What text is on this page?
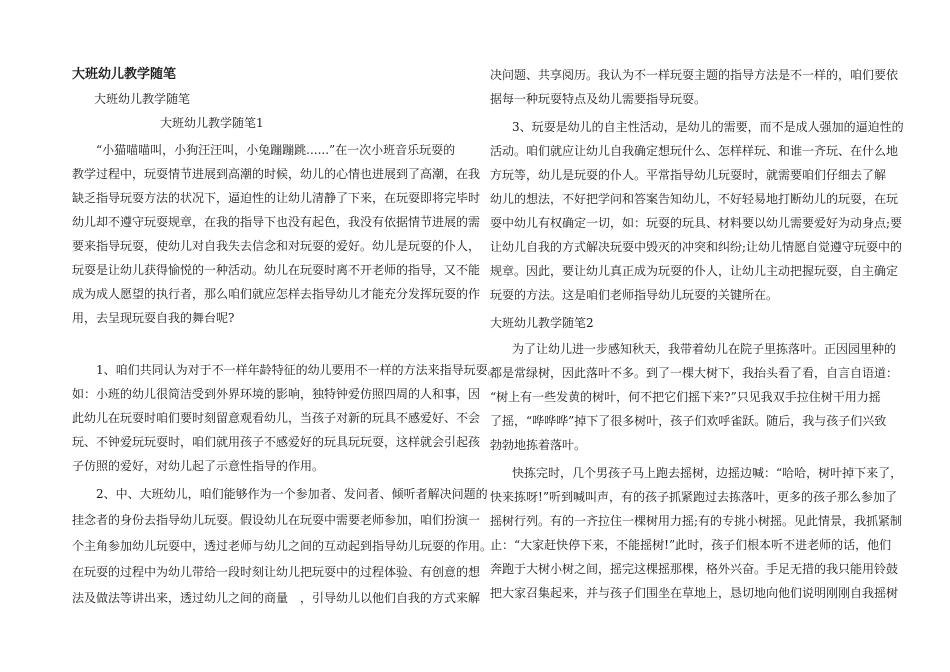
大班幼儿教学随笔
大班幼儿教学随笔
大班幼儿教学随笔1
“小猫喵喵叫，小狗汪汪叫，小兔蹦蹦跳......”在一次小班音乐玩耍的
教学过程中，玩耍情节进展到高潮的时候，幼儿的心情也进展到了高潮，在我
缺乏指导玩耍方法的状况下，逼迫性的让幼儿清静了下来，在玩耍即将完毕时
幼儿却不遵守玩耍规章，在我的指导下也没有起色，我没有依据情节进展的需
要来指导玩耍，使幼儿对自我失去信念和对玩耍的爱好。幼儿是玩耍的仆人，
玩耍是让幼儿获得愉悦的一种活动。幼儿在玩耍时离不开老师的指导，又不能
成为成人愿望的执行者，那么咱们就应怎样去指导幼儿才能充分发挥玩耍的作
用，去呈现玩耍自我的舞台呢?
1、咱们共同认为对于不一样年龄特征的幼儿要用不一样的方法来指导玩耍。
如：小班的幼儿很简洁受到外界环境的影响，独特钟爱仿照四周的人和事，因
此幼儿在玩耍时咱们要时刻留意观看幼儿，当孩子对新的玩具不感爱好、不会
玩、不钟爱玩玩耍时，咱们就用孩子不感爱好的玩具玩玩耍，这样就会引起孩
子仿照的爱好，对幼儿起了示意性指导的作用。
2、中、大班幼儿，咱们能够作为一个参加者、发问者、倾听者解决问题的
挂念者的身份去指导幼儿玩耍。假设幼儿在玩耍中需要老师参加，咱们扮演一
个主角参加幼儿玩耍中，透过老师与幼儿之间的互动起到指导幼儿玩耍的作用。
在玩耍的过程中为幼儿带给一段时刻让幼儿把玩耍中的过程体验、有创意的想
法及做法等讲出来，透过幼儿之间的商量　，引导幼儿以他们自我的方式来解
决问题、共享阅历。我认为不一样玩耍主题的指导方法是不一样的，咱们要依
据每一种玩耍特点及幼儿需要指导玩耍。
3、玩耍是幼儿的自主性活动，是幼儿的需要，而不是成人强加的逼迫性的
活动。咱们就应让幼儿自我确定想玩什么、怎样样玩、和谁一齐玩、在什么地
方玩等，幼儿是玩耍的仆人。平常指导幼儿玩耍时，就需要咱们仔细去了解
幼儿的想法，不好把学问和答案告知幼儿，不好轻易地打断幼儿的玩耍，在玩
耍中幼儿有权确定一切，如：玩耍的玩具、材料要以幼儿需要爱好为动身点;要
让幼儿自我的方式解决玩耍中毁灭的冲突和纠纷;让幼儿情愿自觉遵守玩耍中的
规章。因此，要让幼儿真正成为玩耍的仆人，让幼儿主动把握玩耍，自主确定
玩耍的方法。这是咱们老师指导幼儿玩耍的关键所在。
大班幼儿教学随笔2
为了让幼儿进一步感知秋天，我带着幼儿在院子里拣落叶。正因园里种的
都是常绿树，因此落叶不多。到了一棵大树下，我抬头看了看，自言自语道：
“树上有一些发黄的树叶，何不把它们摇下来?”只见我双手拉住树干用力摇
了摇，“哗哗哗”掉下了很多树叶，孩子们欢呼雀跃。随后，我与孩子们兴致
勃勃地拣着落叶。
快拣完时，几个男孩子马上跑去摇树，边摇边喊：“哈哈，树叶掉下来了，
快来拣呀!”听到喊叫声，有的孩子抓紧跑过去拣落叶，更多的孩子那么参加了
摇树行列。有的一齐拉住一棵树用力摇;有的专挑小树摇。见此情景，我抓紧制
止：“大家赶快停下来，不能摇树!”此时，孩子们根本听不进老师的话，他们
奔跑于大树小树之间，摇完这棵摇那棵，格外兴奋。手足无措的我只能用铃鼓
把大家召集起来，并与孩子们围坐在草地上，恳切地向他们说明刚刚自我摇树
